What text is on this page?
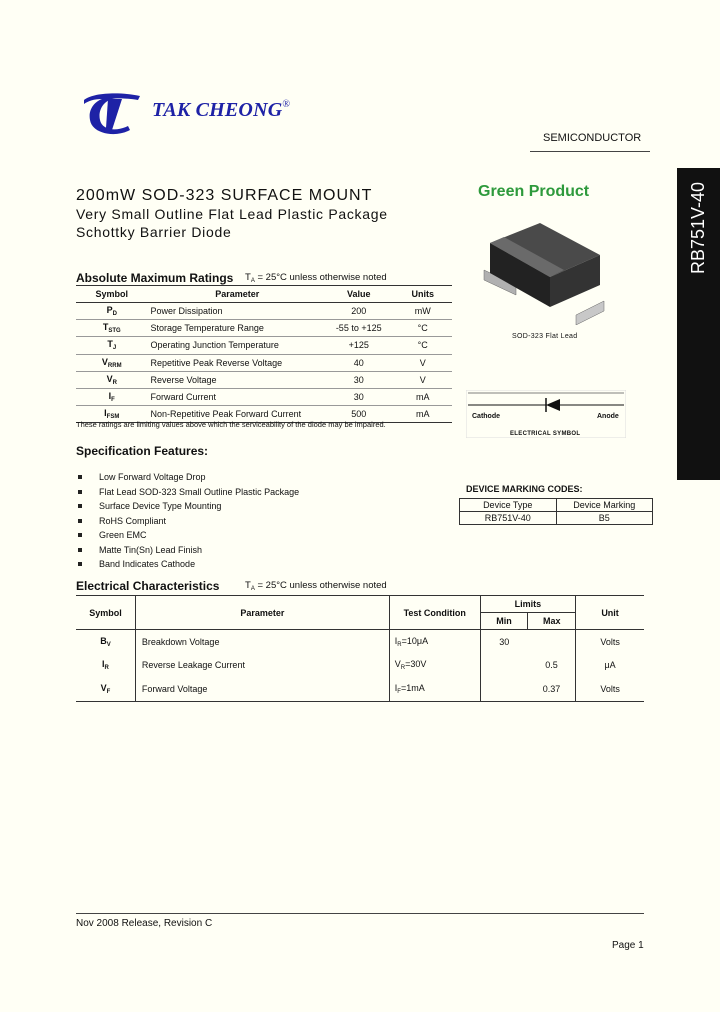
TAK CHEONG®
SEMICONDUCTOR
RB751V-40
200mW SOD-323 SURFACE MOUNT
Very Small Outline Flat Lead Plastic Package
Schottky Barrier Diode
Green Product
SOD-323 Flat Lead
Cathode	Anode
ELECTRICAL SYMBOL
Absolute Maximum Ratings $T_A = 25^\circ C$ unless otherwise noted
Symbol	Parameter	Value	Units
$P_D$	Power Dissipation	200	mW
$T_{STG}$	Storage Temperature Range	-55 to +125	°C
$T_J$	Operating Junction Temperature	+125	°C
$V_{RRM}$	Repetitive Peak Reverse Voltage	40	V
$V_R$	Reverse Voltage	30	V
$I_F$	Forward Current	30	mA
$I_{FSM}$	Non-Repetitive Peak Forward Current	500	mA
These ratings are limiting values above which the serviceability of the diode may be impaired.
Specification Features:
Low Forward Voltage Drop
Flat Lead SOD-323 Small Outline Plastic Package
Surface Device Type Mounting
RoHS Compliant
Green EMC
Matte Tin(Sn) Lead Finish
Band Indicates Cathode
DEVICE MARKING CODES:
Device Type	Device Marking
RB751V-40	B5
Electrical Characteristics	$T_A = 25^\circ C$ unless otherwise noted
Symbol	Parameter	Test Condition	Limits		Unit
			Min	Max	
$B_V$	Breakdown Voltage	$I_R=10\mu A$	30		Volts
$I_R$	Reverse Leakage Current	$V_R=30V$		0.5	μA
$V_F$	Forward Voltage	$I_F=1mA$		0.37	Volts
Nov 2008 Release, Revision C
Page 1
